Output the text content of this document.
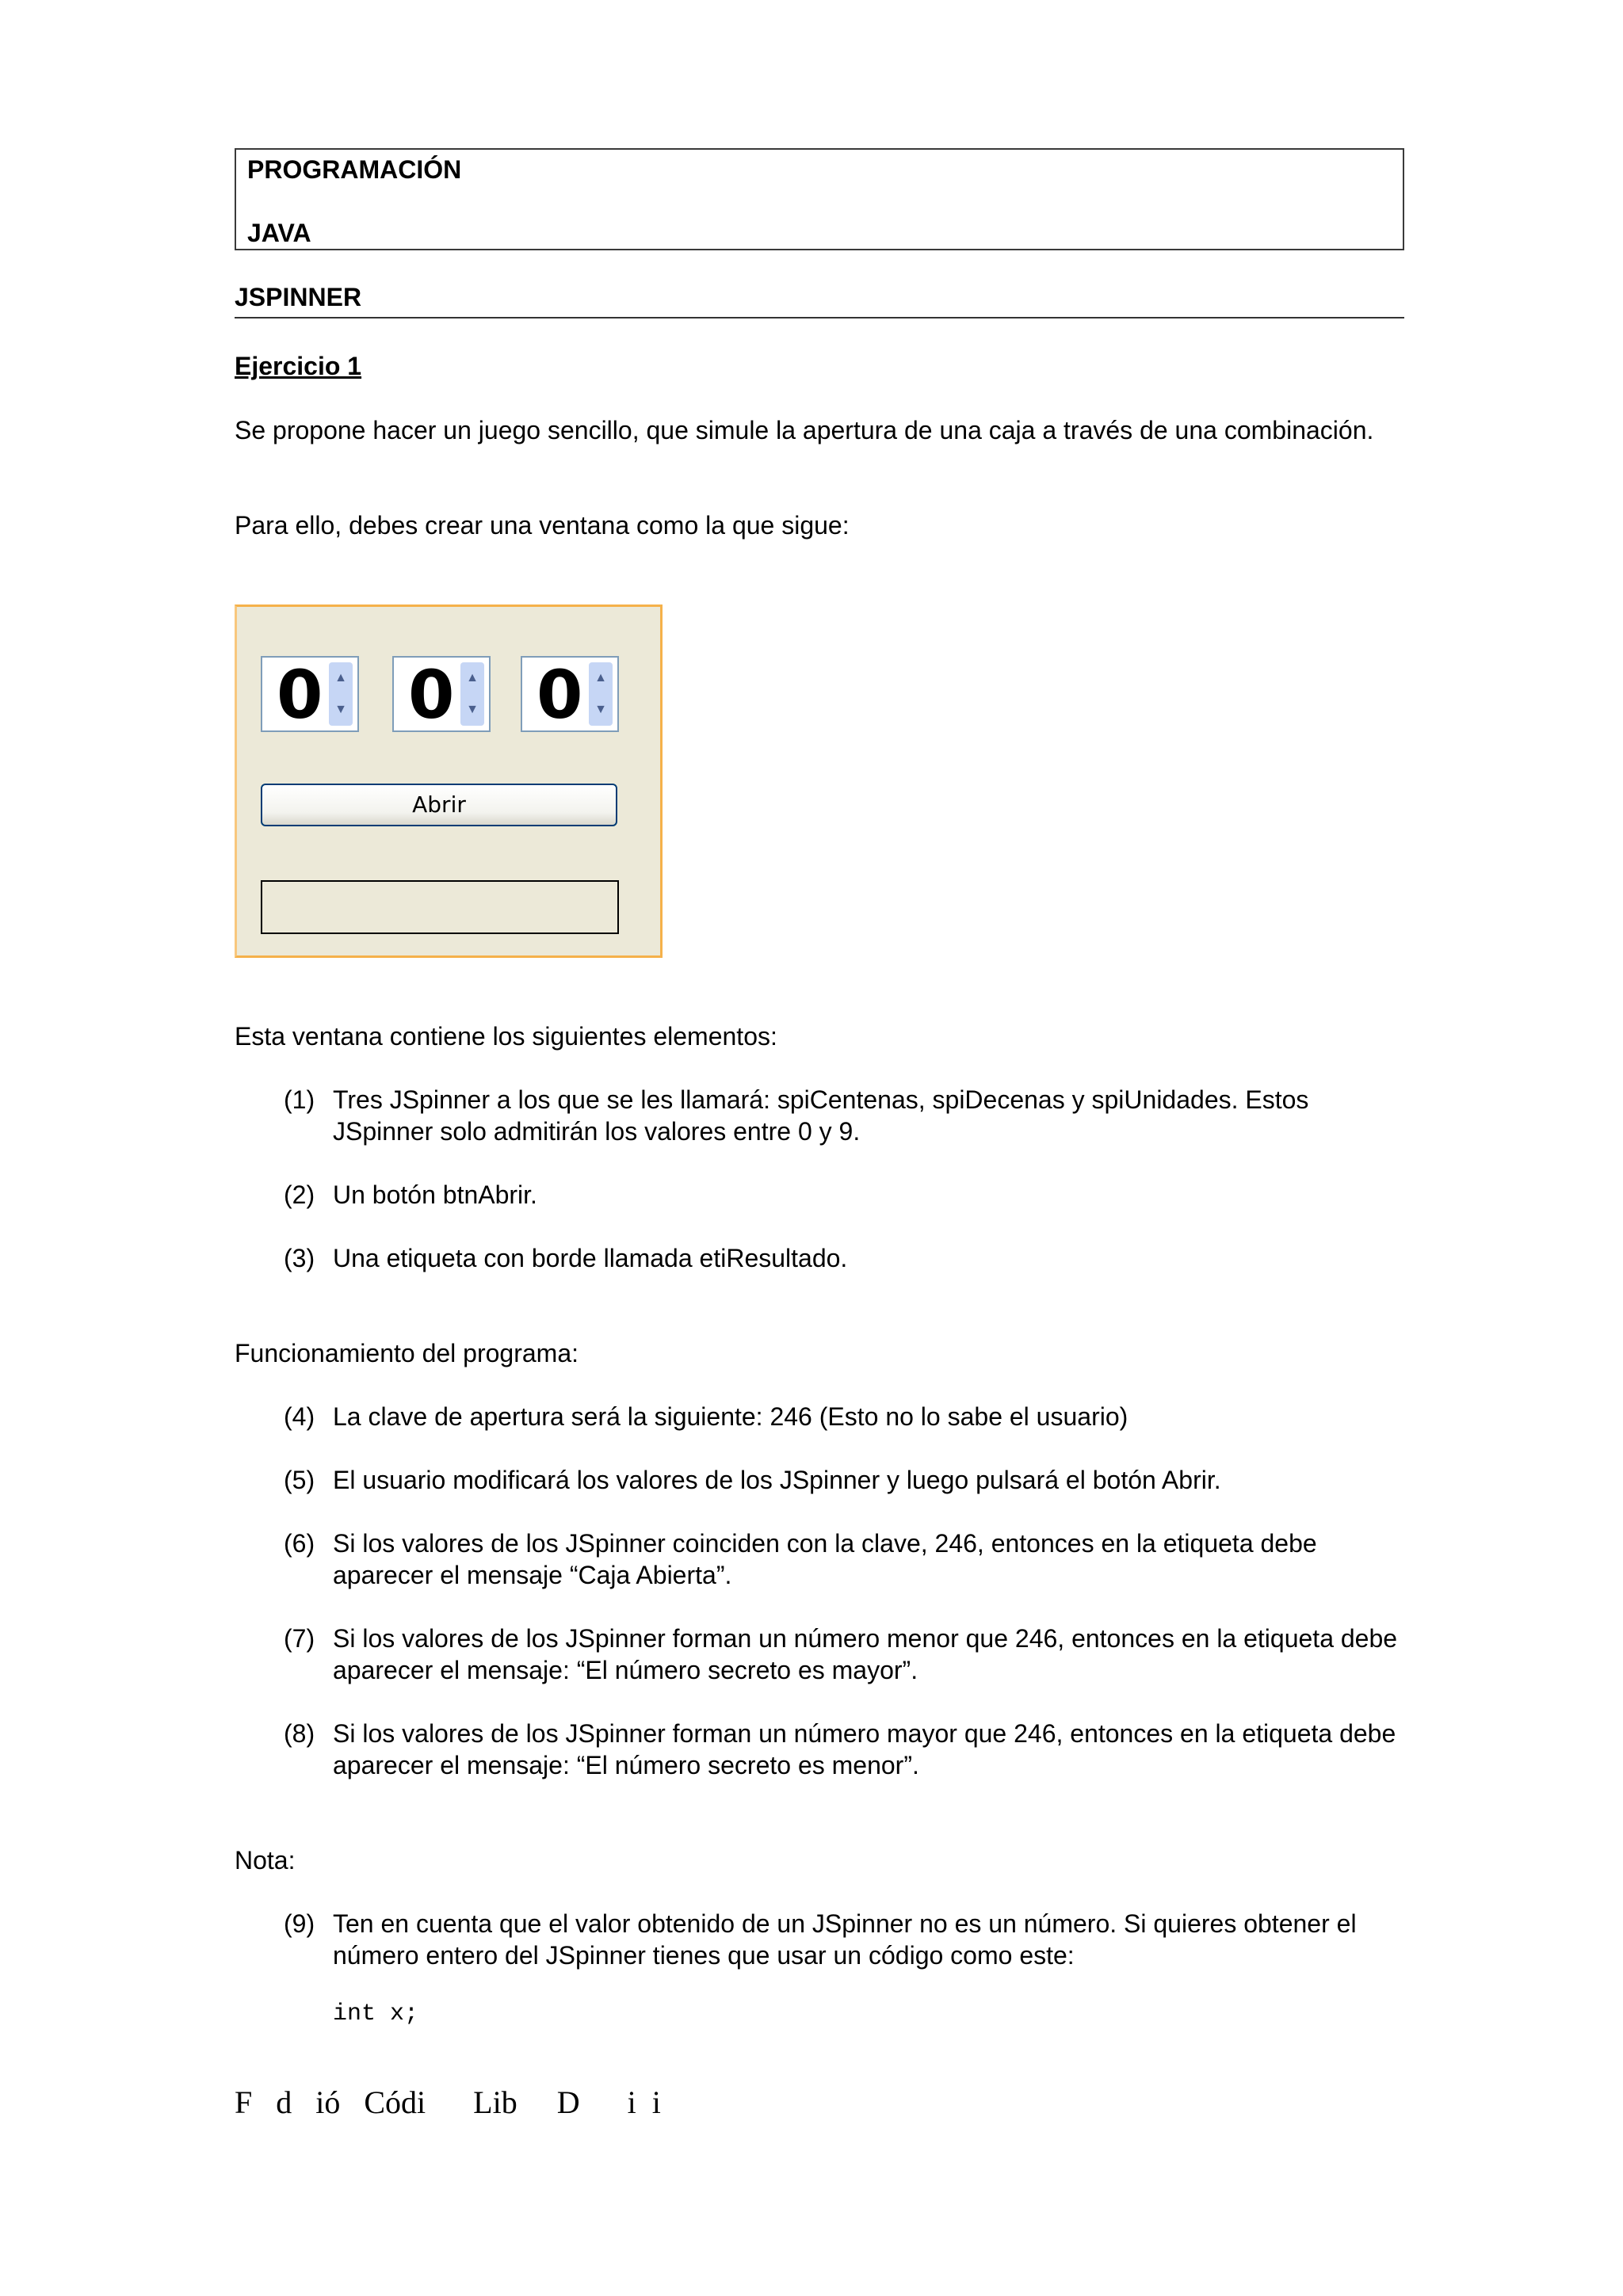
PROGRAMACIÓN
JAVA
JSPINNER
Ejercicio 1
Se propone hacer un juego sencillo, que simule la apertura de una caja a través de una combinación.
Para ello, debes crear una ventana como la que sigue:
0 ▲
▼ 0 ▲
▼ 0 ▲
▼
Abrir
Esta ventana contiene los siguientes elementos:
(1) Tres JSpinner a los que se les llamará: spiCentenas, spiDecenas y spiUnidades. Estos JSpinner solo admitirán los valores entre 0 y 9.
(2) Un botón btnAbrir.
(3) Una etiqueta con borde llamada etiResultado.
Funcionamiento del programa:
(4) La clave de apertura será la siguiente: 246 (Esto no lo sabe el usuario)
(5) El usuario modificará los valores de los JSpinner y luego pulsará el botón Abrir.
(6) Si los valores de los JSpinner coinciden con la clave, 246, entonces en la etiqueta debe aparecer el mensaje “Caja Abierta”.
(7) Si los valores de los JSpinner forman un número menor que 246, entonces en la etiqueta debe aparecer el mensaje: “El número secreto es mayor”.
(8) Si los valores de los JSpinner forman un número mayor que 246, entonces en la etiqueta debe aparecer el mensaje: “El número secreto es menor”.
Nota:
(9) Ten en cuenta que el valor obtenido de un JSpinner no es un número. Si quieres obtener el número entero del JSpinner tienes que usar un código como este:
int x;
F   d   ió   Códi      Lib     D      i  i
